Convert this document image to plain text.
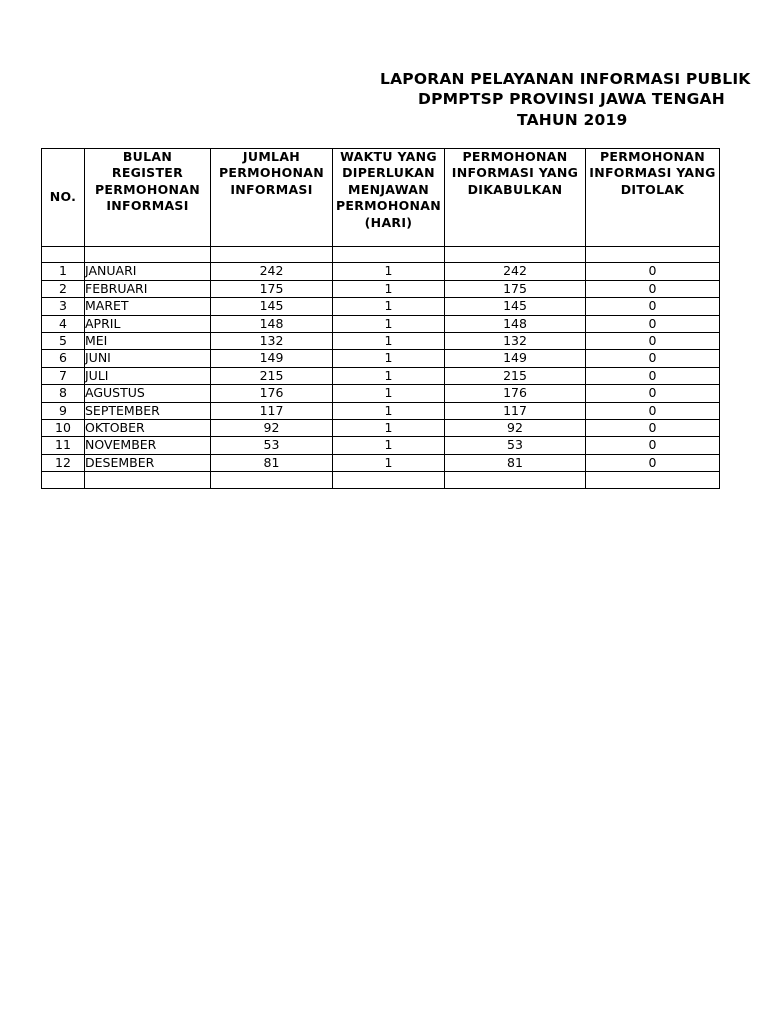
LAPORAN PELAYANAN INFORMASI PUBLIK
DPMPTSP PROVINSI JAWA TENGAH
TAHUN 2019
NO.	BULAN REGISTER PERMOHONAN INFORMASI	JUMLAH PERMOHONAN INFORMASI	WAKTU YANG DIPERLUKAN MENJAWAN PERMOHONAN (HARI)	PERMOHONAN INFORMASI YANG DIKABULKAN	PERMOHONAN INFORMASI YANG DITOLAK

1	JANUARI	242	1	242	0
2	FEBRUARI	175	1	175	0
3	MARET	145	1	145	0
4	APRIL	148	1	148	0
5	MEI	132	1	132	0
6	JUNI	149	1	149	0
7	JULI	215	1	215	0
8	AGUSTUS	176	1	176	0
9	SEPTEMBER	117	1	117	0
10	OKTOBER	92	1	92	0
11	NOVEMBER	53	1	53	0
12	DESEMBER	81	1	81	0
